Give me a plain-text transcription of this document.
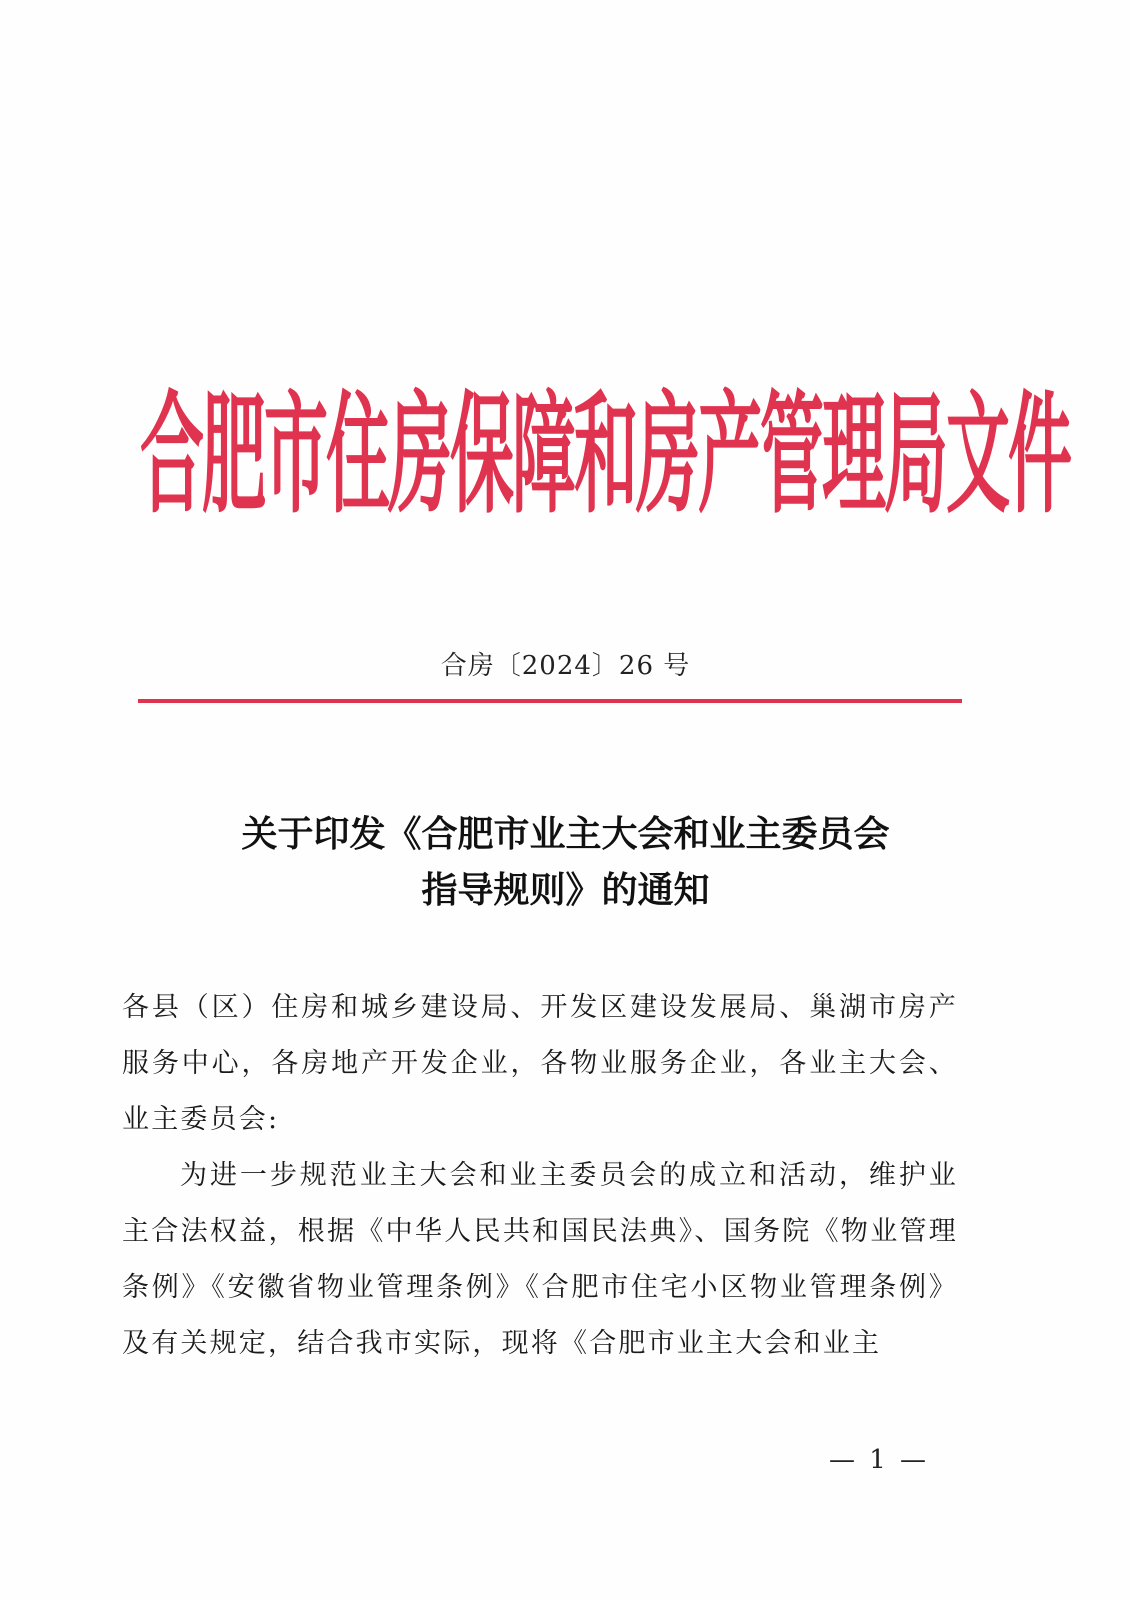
合肥市住房保障和房产管理局文件
合房〔2024〕26 号
关于印发《合肥市业主大会和业主委员会
指导规则》的通知

各县（区）住房和城乡建设局、开发区建设发展局、巢湖市房产服务中心，各房地产开发企业，各物业服务企业，各业主大会、业主委员会:

为进一步规范业主大会和业主委员会的成立和活动，维护业主合法权益，根据《中华人民共和国民法典》、国务院《物业管理条例》《安徽省物业管理条例》《合肥市住宅小区物业管理条例》及有关规定，结合我市实际，现将《合肥市业主大会和业主

— 1 —
